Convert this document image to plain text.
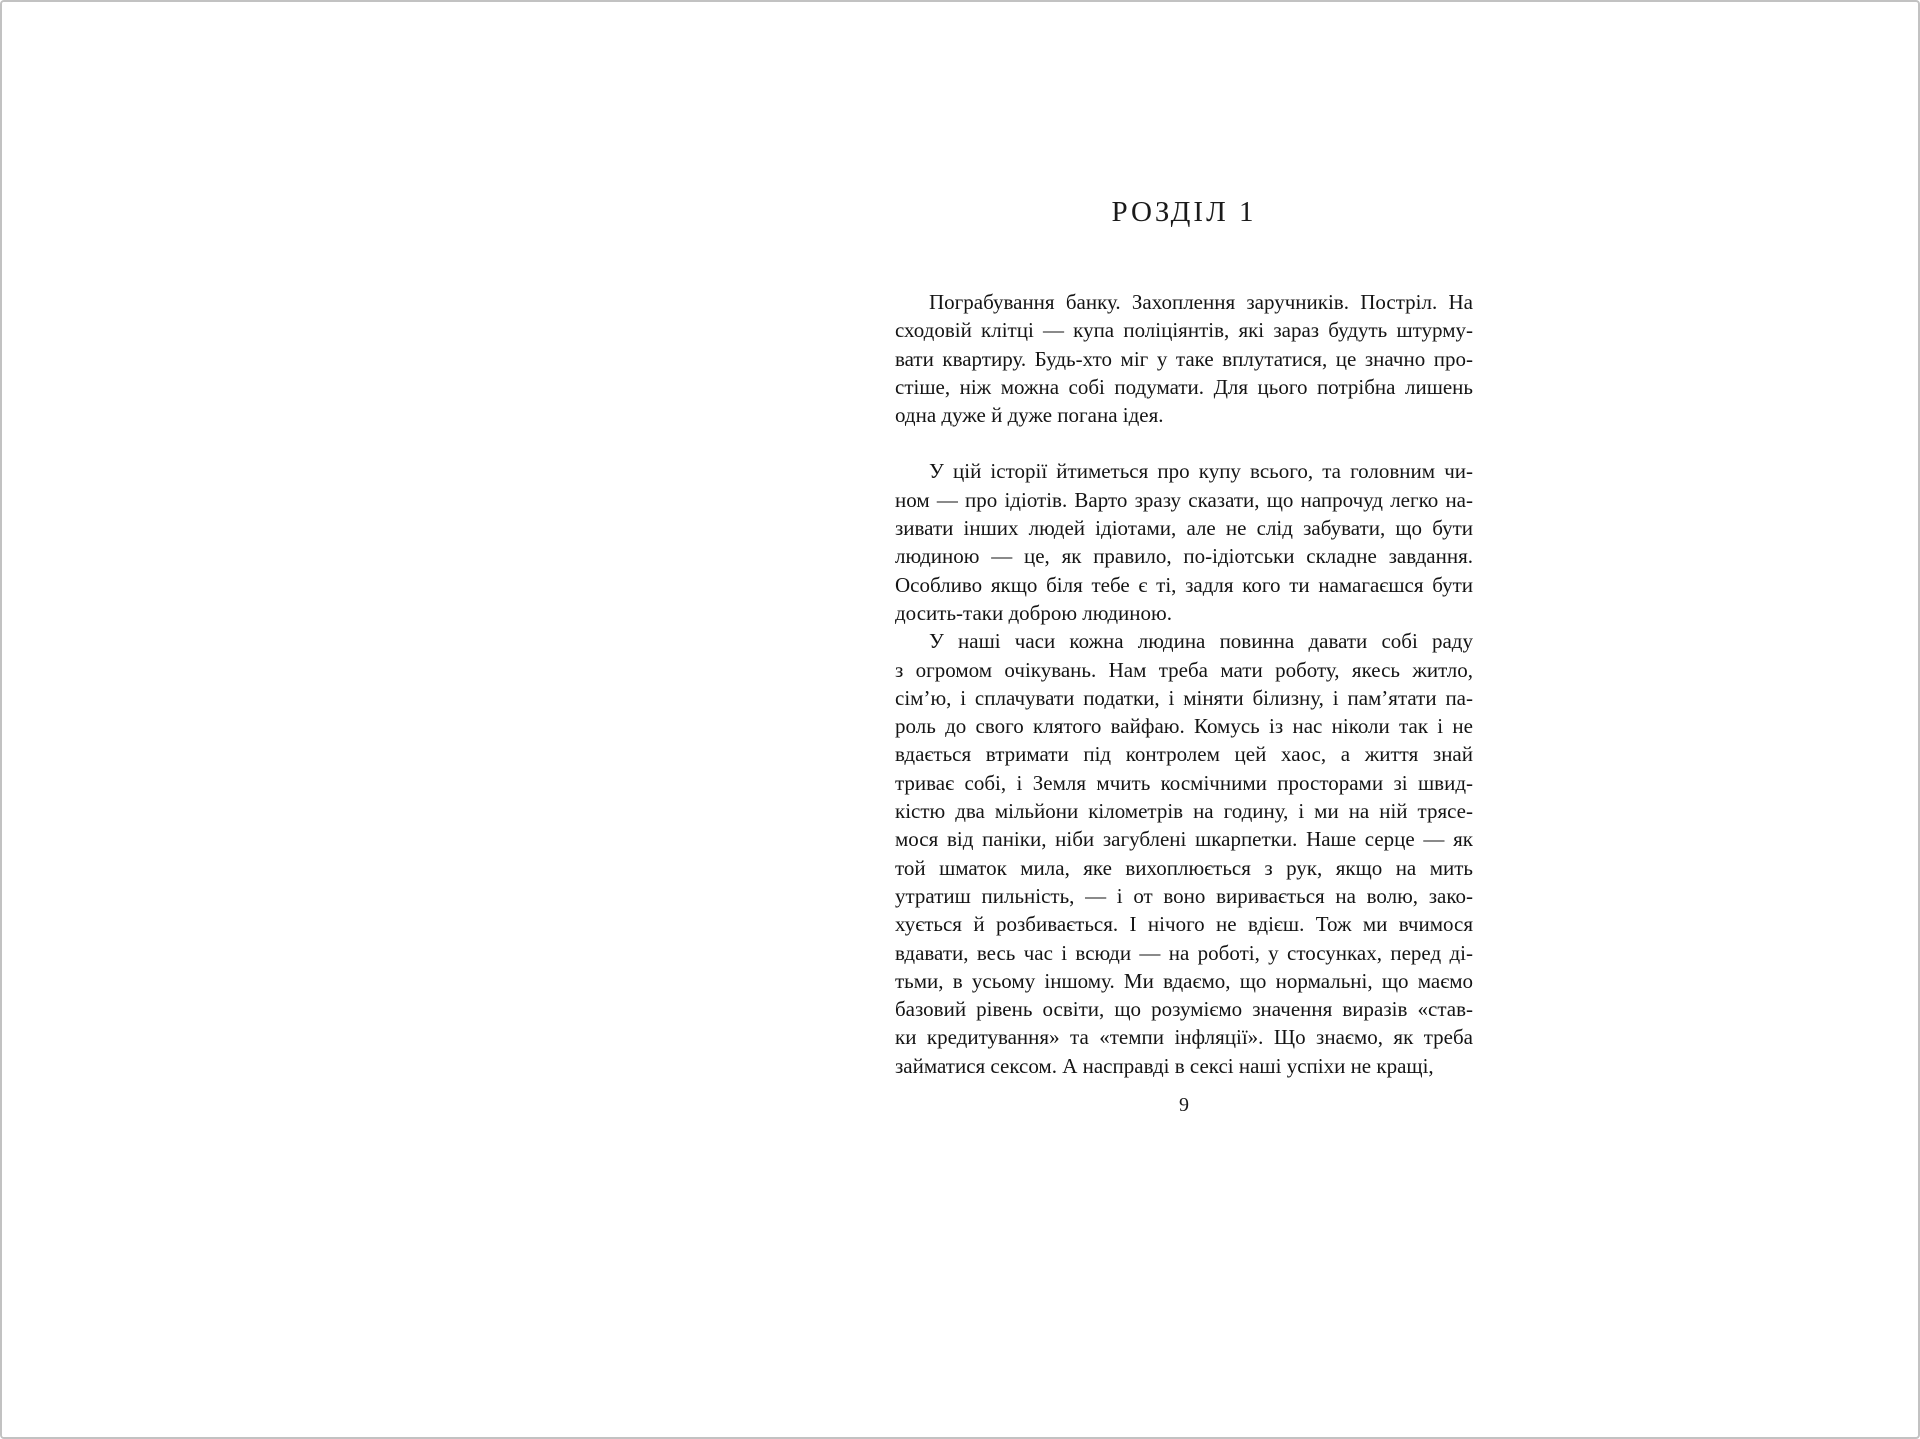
РОЗДІЛ 1
Пограбування банку. Захоплення заручників. Постріл. На
сходовій клітці — купа поліціянтів, які зараз будуть штурму-
вати квартиру. Будь-хто міг у таке вплутатися, це значно про-
стіше, ніж можна собі подумати. Для цього потрібна лишень
одна дуже й дуже погана ідея.
У цій історії йтиметься про купу всього, та головним чи-
ном — про ідіотів. Варто зразу сказати, що напрочуд легко на-
зивати інших людей ідіотами, але не слід забувати, що бути
людиною — це, як правило, по-ідіотськи складне завдання.
Особливо якщо біля тебе є ті, задля кого ти намагаєшся бути
досить-таки доброю людиною.
У наші часи кожна людина повинна давати собі раду
з огромом очікувань. Нам треба мати роботу, якесь житло,
сім’ю, і сплачувати податки, і міняти білизну, і пам’ятати па-
роль до свого клятого вайфаю. Комусь із нас ніколи так і не
вдається втримати під контролем цей хаос, а життя знай
триває собі, і Земля мчить космічними просторами зі швид-
кістю два мільйони кілометрів на годину, і ми на ній трясе-
мося від паніки, ніби загублені шкарпетки. Наше серце — як
той шматок мила, яке вихоплюється з рук, якщо на мить
утратиш пильність, — і от воно виривається на волю, зако-
хується й розбивається. І нічого не вдієш. Тож ми вчимося
вдавати, весь час і всюди — на роботі, у стосунках, перед ді-
тьми, в усьому іншому. Ми вдаємо, що нормальні, що маємо
базовий рівень освіти, що розуміємо значення виразів «став-
ки кредитування» та «темпи інфляції». Що знаємо, як треба
займатися сексом. А насправді в сексі наші успіхи не кращі,
9
